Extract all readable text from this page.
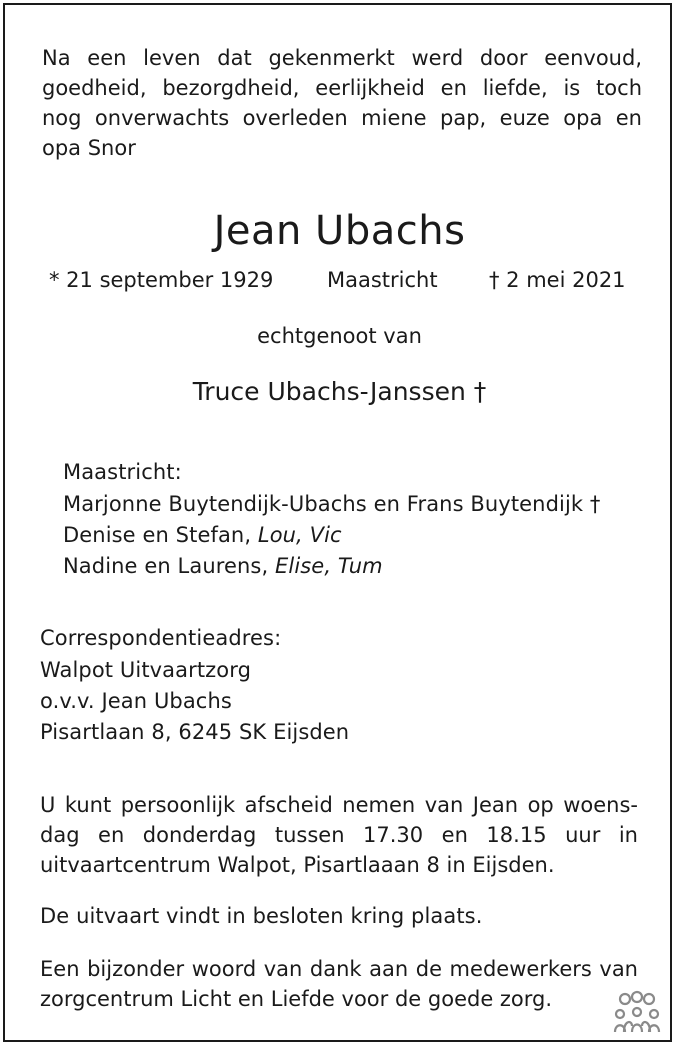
Na een leven dat gekenmerkt werd door eenvoud,
goedheid, bezorgdheid, eerlijkheid en liefde, is toch
nog onverwachts overleden miene pap, euze opa en
opa Snor
Jean Ubachs
* 21 september 1929	Maastricht † 2 mei 2021
echtgenoot van
Truce Ubachs-Janssen †
Maastricht:
Marjonne Buytendijk-Ubachs en Frans Buytendijk †
Denise en Stefan, Lou, Vic
Nadine en Laurens, Elise, Tum
Correspondentieadres:
Walpot Uitvaartzorg
o.v.v. Jean Ubachs
Pisartlaan 8, 6245 SK Eijsden
U kunt persoonlijk afscheid nemen van Jean op woens-
dag en donderdag tussen 17.30 en 18.15 uur in
uitvaartcentrum Walpot, Pisartlaaan 8 in Eijsden.
De uitvaart vindt in besloten kring plaats.
Een bijzonder woord van dank aan de medewerkers van
zorgcentrum Licht en Liefde voor de goede zorg.
